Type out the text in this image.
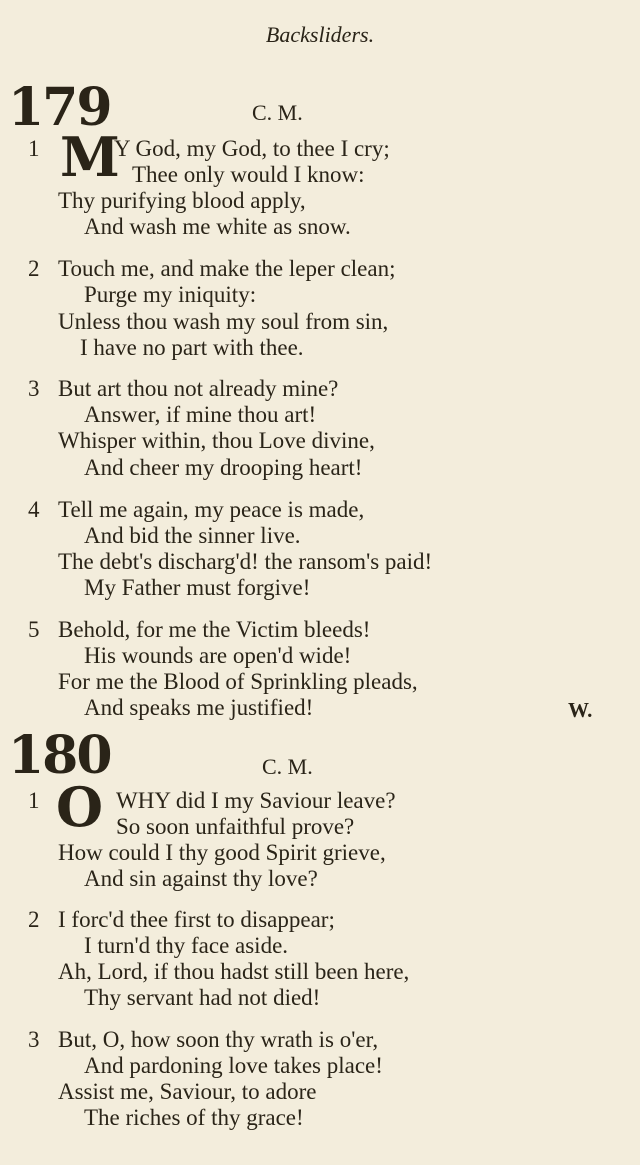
Backsliders.
179	C. M.
1 M
Y God, my God, to thee I cry;
Thee only would I know:
Thy purifying blood apply,
And wash me white as snow.
2 Touch me, and make the leper clean;
Purge my iniquity:
Unless thou wash my soul from sin,
I have no part with thee.
3 But art thou not already mine?
Answer, if mine thou art!
Whisper within, thou Love divine,
And cheer my drooping heart!
4 Tell me again, my peace is made,
And bid the sinner live.
The debt's discharg'd! the ransom's paid!
My Father must forgive!
5 Behold, for me the Victim bleeds!
His wounds are open'd wide!
For me the Blood of Sprinkling pleads,
And speaks me justified!	W.
180	C. M.
1 O WHY did I my Saviour leave?
So soon unfaithful prove?
How could I thy good Spirit grieve,
And sin against thy love?
2 I forc'd thee first to disappear;
I turn'd thy face aside.
Ah, Lord, if thou hadst still been here,
Thy servant had not died!
3 But, O, how soon thy wrath is o'er,
And pardoning love takes place!
Assist me, Saviour, to adore
The riches of thy grace!
